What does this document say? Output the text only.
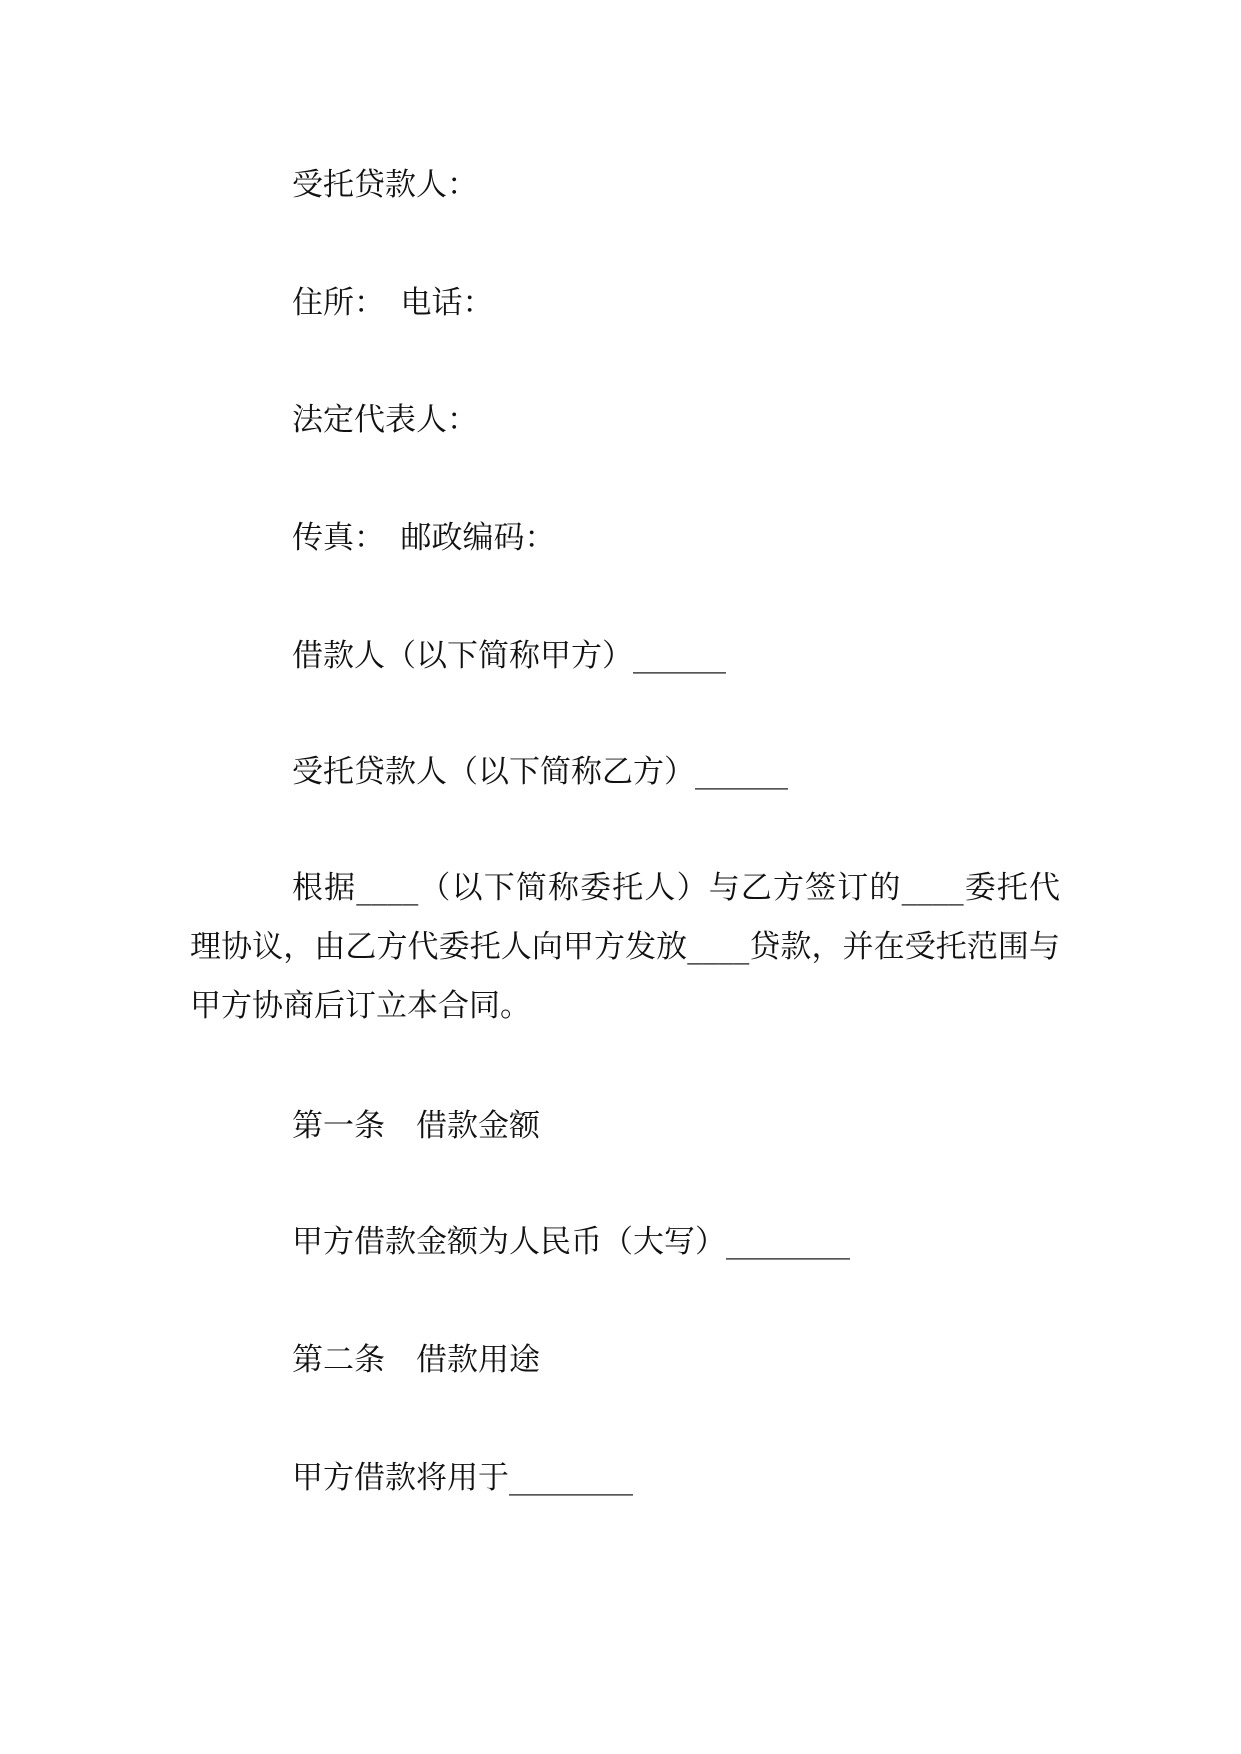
受托贷款人：
住所：　电话：
法定代表人：
传真：　邮政编码：
借款人（以下简称甲方）______
受托贷款人（以下简称乙方）______
根据____（以下简称委托人）与乙方签订的____委托代理协议，由乙方代委托人向甲方发放____贷款，并在受托范围与甲方协商后订立本合同。
第一条　借款金额
甲方借款金额为人民币（大写）________
第二条　借款用途
甲方借款将用于________
